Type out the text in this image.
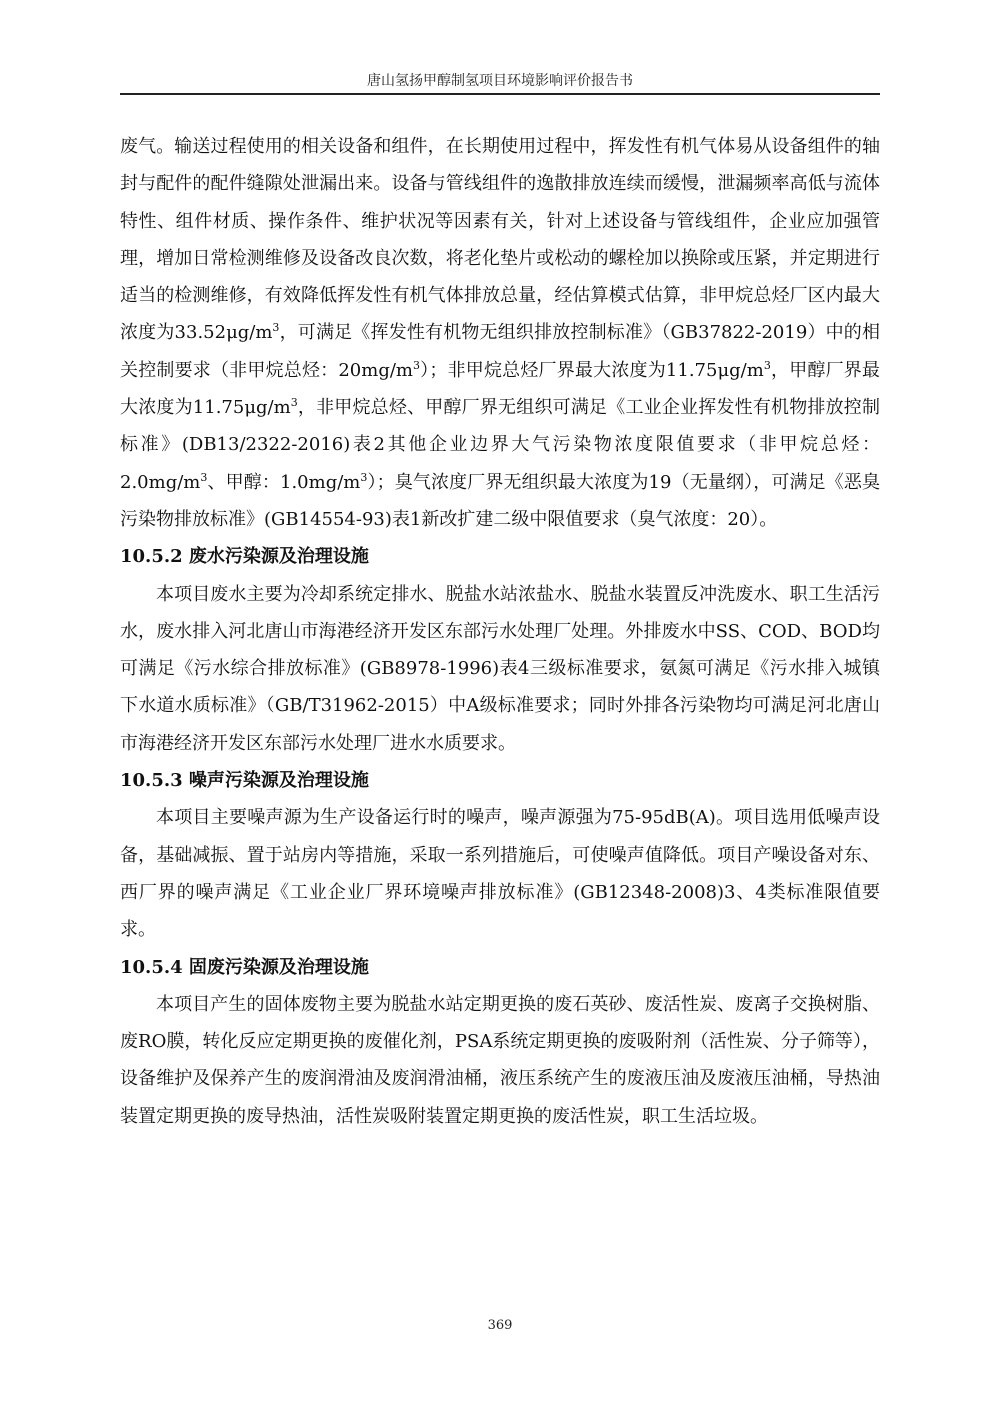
唐山氢扬甲醇制氢项目环境影响评价报告书

废气。输送过程使用的相关设备和组件，在长期使用过程中，挥发性有机气体易从设备组件的轴封与配件的配件缝隙处泄漏出来。设备与管线组件的逸散排放连续而缓慢，泄漏频率高低与流体特性、组件材质、操作条件、维护状况等因素有关，针对上述设备与管线组件，企业应加强管理，增加日常检测维修及设备改良次数，将老化垫片或松动的螺栓加以换除或压紧，并定期进行适当的检测维修，有效降低挥发性有机气体排放总量，经估算模式估算，非甲烷总烃厂区内最大浓度为$33.52\mu g/m^3$，可满足《挥发性有机物无组织排放控制标准》（GB37822-2019）中的相关控制要求（非甲烷总烃：$20mg/m^3$）；非甲烷总烃厂界最大浓度为$11.75\mu g/m^3$，甲醇厂界最大浓度为$11.75\mu g/m^3$，非甲烷总烃、甲醇厂界无组织可满足《工业企业挥发性有机物排放控制标准》(DB13/2322-2016)表2其他企业边界大气污染物浓度限值要求（非甲烷总烃：$2.0mg/m^3$、甲醇：$1.0mg/m^3$）；臭气浓度厂界无组织最大浓度为19（无量纲），可满足《恶臭污染物排放标准》(GB14554-93)表1新改扩建二级中限值要求（臭气浓度：20）。

10.5.2 废水污染源及治理设施

本项目废水主要为冷却系统定排水、脱盐水站浓盐水、脱盐水装置反冲洗废水、职工生活污水，废水排入河北唐山市海港经济开发区东部污水处理厂处理。外排废水中SS、COD、BOD均可满足《污水综合排放标准》(GB8978-1996)表4三级标准要求，氨氮可满足《污水排入城镇下水道水质标准》（GB/T31962-2015）中A级标准要求；同时外排各污染物均可满足河北唐山市海港经济开发区东部污水处理厂进水水质要求。

10.5.3 噪声污染源及治理设施

本项目主要噪声源为生产设备运行时的噪声，噪声源强为75-95dB(A)。项目选用低噪声设备，基础减振、置于站房内等措施，采取一系列措施后，可使噪声值降低。项目产噪设备对东、西厂界的噪声满足《工业企业厂界环境噪声排放标准》(GB12348-2008)3、4类标准限值要求。

10.5.4 固废污染源及治理设施

本项目产生的固体废物主要为脱盐水站定期更换的废石英砂、废活性炭、废离子交换树脂、废RO膜，转化反应定期更换的废催化剂，PSA系统定期更换的废吸附剂（活性炭、分子筛等），设备维护及保养产生的废润滑油及废润滑油桶，液压系统产生的废液压油及废液压油桶，导热油装置定期更换的废导热油，活性炭吸附装置定期更换的废活性炭，职工生活垃圾。

369
